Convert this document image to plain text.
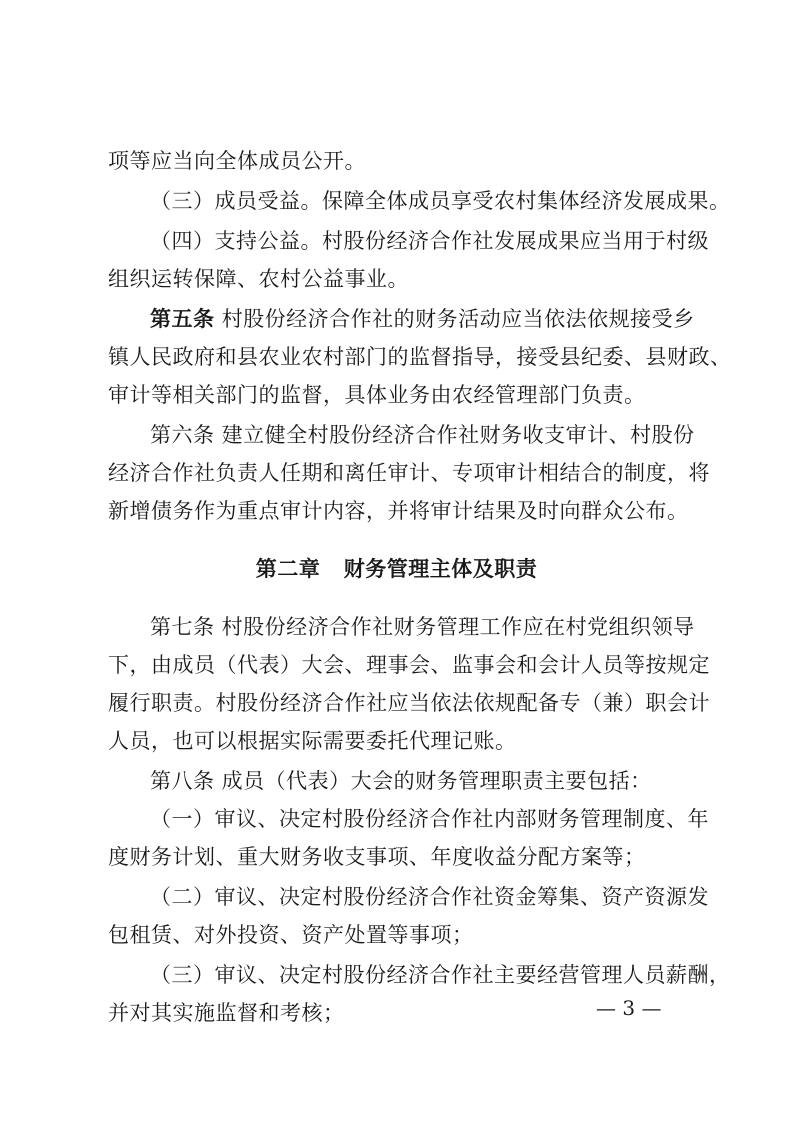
项等应当向全体成员公开。
（三）成员受益。保障全体成员享受农村集体经济发展成果。
（四）支持公益。村股份经济合作社发展成果应当用于村级
组织运转保障、农村公益事业。
第五条 村股份经济合作社的财务活动应当依法依规接受乡
镇人民政府和县农业农村部门的监督指导，接受县纪委、县财政、
审计等相关部门的监督，具体业务由农经管理部门负责。
第六条 建立健全村股份经济合作社财务收支审计、村股份
经济合作社负责人任期和离任审计、专项审计相结合的制度，将
新增债务作为重点审计内容，并将审计结果及时向群众公布。
第二章   财务管理主体及职责
第七条 村股份经济合作社财务管理工作应在村党组织领导
下，由成员（代表）大会、理事会、监事会和会计人员等按规定
履行职责。村股份经济合作社应当依法依规配备专（兼）职会计
人员，也可以根据实际需要委托代理记账。
第八条 成员（代表）大会的财务管理职责主要包括：
（一）审议、决定村股份经济合作社内部财务管理制度、年
度财务计划、重大财务收支事项、年度收益分配方案等；
（二）审议、决定村股份经济合作社资金筹集、资产资源发
包租赁、对外投资、资产处置等事项；
（三）审议、决定村股份经济合作社主要经营管理人员薪酬，
并对其实施监督和考核；	— 3 —
